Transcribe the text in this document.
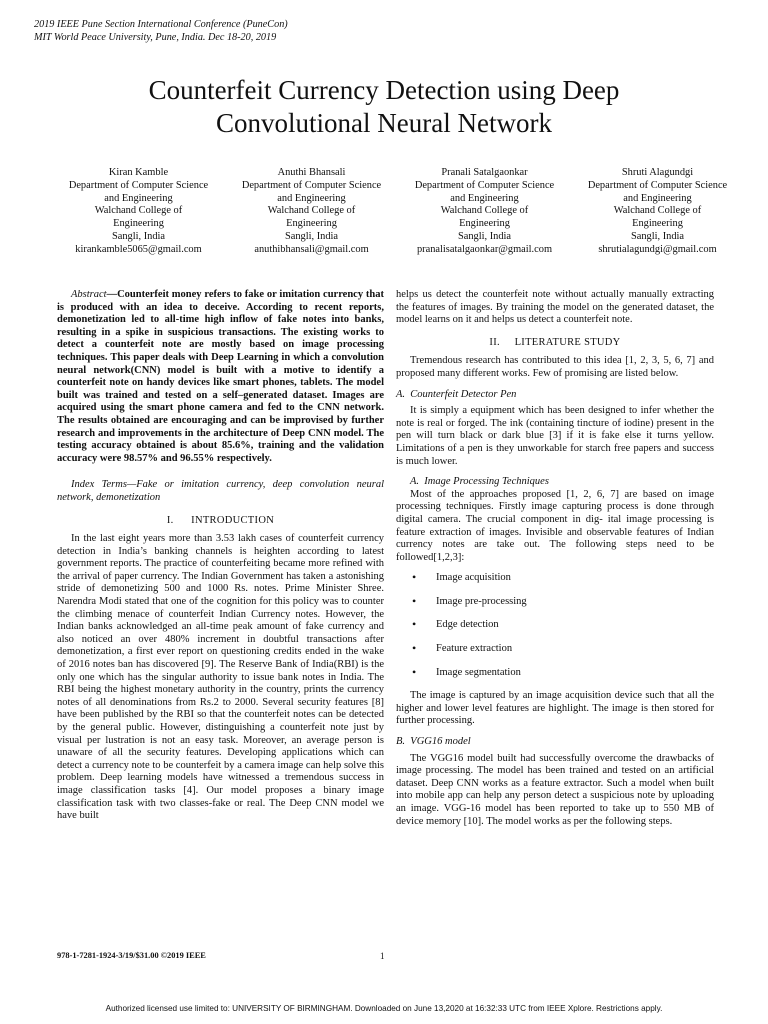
2019 IEEE Pune Section International Conference (PuneCon)
MIT World Peace University, Pune, India. Dec 18-20, 2019
Counterfeit Currency Detection using Deep
Convolutional Neural Network
Kiran Kamble
Department of Computer Science
and Engineering
Walchand College of
Engineering
Sangli, India
kirankamble5065@gmail.com
Anuthi Bhansali
Department of Computer Science
and Engineering
Walchand College of
Engineering
Sangli, India
anuthibhansali@gmail.com
Pranali Satalgaonkar
Department of Computer Science
and Engineering
Walchand College of
Engineering
Sangli, India
pranalisatalgaonkar@gmail.com
Shruti Alagundgi
Department of Computer Science
and Engineering
Walchand College of
Engineering
Sangli, India
shrutialagundgi@gmail.com

Abstract—Counterfeit money refers to fake or imitation currency that is produced with an idea to deceive. According to recent reports, demonetization led to all-time high inflow of fake notes into banks, resulting in a spike in suspicious transactions. The existing works to detect a counterfeit note are mostly based on image processing techniques. This paper deals with Deep Learning in which a convolution neural network(CNN) model is built with a motive to identify a counterfeit note on handy devices like smart phones, tablets. The model built was trained and tested on a self–generated dataset. Images are acquired using the smart phone camera and fed to the CNN network. The results obtained are encouraging and can be improvised by further research and improvements in the architecture of Deep CNN model. The testing accuracy obtained is about 85.6%, training and the validation accuracy were 98.57% and 96.55% respectively.

Index Terms—Fake or imitation currency, deep convolution neural network, demonetization

I.      INTRODUCTION

In the last eight years more than 3.53 lakh cases of counterfeit currency detection in India’s banking channels is heighten according to latest government reports. The practice of counterfeiting became more refined with the arrival of paper currency. The Indian Government has taken a astonishing stride of demonetizing 500 and 1000 Rs. notes. Prime Minister Shree. Narendra Modi stated that one of the cognition for this policy was to counter the climbing menace of counterfeit Indian Currency notes. However, the Indian banks acknowledged an all-time peak amount of fake currency and also noticed an over 480% increment in doubtful transactions after demonetization, a first ever report on questioning credits ended in the wake of 2016 notes ban has discovered [9]. The Reserve Bank of India(RBI) is the only one which has the singular authority to issue bank notes in India. The RBI being the highest monetary authority in the country, prints the currency notes of all denominations from Rs.2 to 2000. Several security features [8] have been published by the RBI so that the counterfeit notes can be detected by the general public. However, distinguishing a counterfeit note just by visual per lustration is not an easy task. Moreover, an average person is unaware of all the security features. Developing applications which can detect a currency note to be counterfeit by a camera image can help solve this problem. Deep learning models have witnessed a tremendous success in image classification tasks [4]. Our model proposes a binary image classification task with two classes-fake or real. The Deep CNN model we have built

helps us detect the counterfeit note without actually manually extracting the features of images. By training the model on the generated dataset, the model learns on it and helps us detect a counterfeit note.

II.     LITERATURE STUDY

Tremendous research has contributed to this idea [1, 2, 3, 5, 6, 7] and proposed many different works. Few of promising are listed below.

A.  Counterfeit Detector Pen

It is simply a equipment which has been designed to infer whether the note is real or forged. The ink (containing tincture of iodine) present in the pen will turn black or dark blue [3] if it is fake else it turns yellow. Limitations of a pen is they unworkable for starch free papers and success is much lower.

A.  Image Processing Techniques

Most of the approaches proposed [1, 2, 6, 7] are based on image processing techniques. Firstly image capturing process is done through digital camera. The crucial component in dig- ital image processing is feature extraction of images. Invisible and observable features of Indian currency notes are take out. The following steps need to be followed[1,2,3]:

• Image acquisition
• Image pre-processing
• Edge detection
• Feature extraction
• Image segmentation

The image is captured by an image acquisition device such that all the higher and lower level features are highlight. The image is then stored for further processing.

B.  VGG16 model

The VGG16 model built had successfully overcome the drawbacks of image processing. The model has been trained and tested on an artificial dataset. Deep CNN works as a feature extractor. Such a model when built into mobile app can help any person detect a suspicious note by uploading an image. VGG-16 model has been reported to take up to 550 MB of device memory [10]. The model works as per the following steps.

978-1-7281-1924-3/19/$31.00 ©2019 IEEE	1
Authorized licensed use limited to: UNIVERSITY OF BIRMINGHAM. Downloaded on June 13,2020 at 16:32:33 UTC from IEEE Xplore. Restrictions apply.
